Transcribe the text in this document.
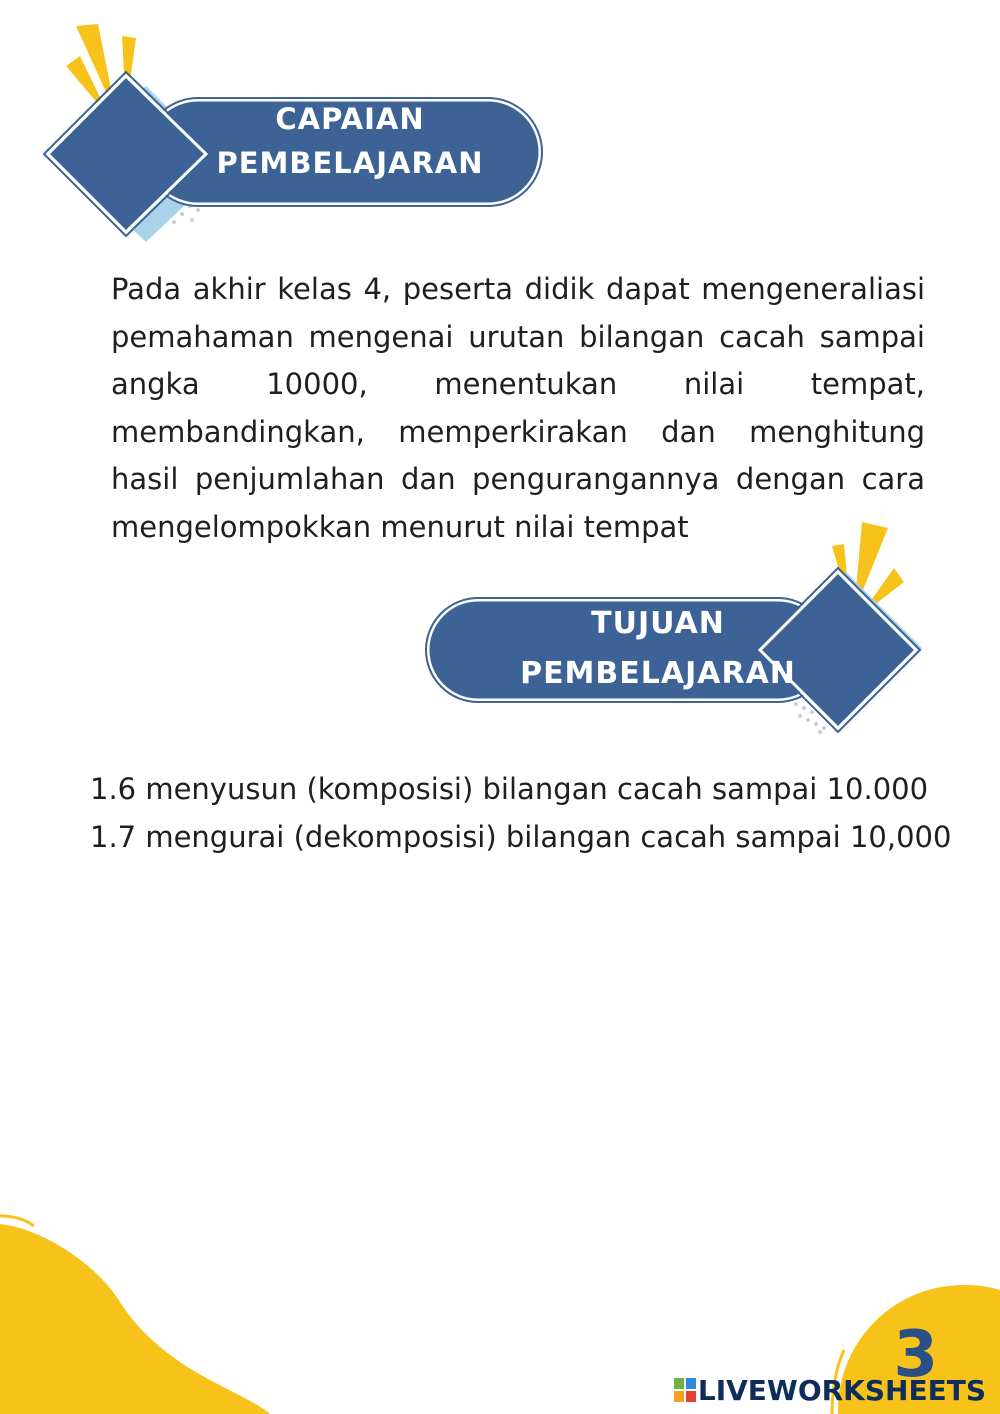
CAPAIAN
PEMBELAJARAN
Pada akhir kelas 4, peserta didik dapat mengeneraliasi pemahaman mengenai urutan bilangan cacah sampai angka 10000, menentukan nilai tempat, membandingkan, memperkirakan dan menghitung hasil penjumlahan dan pengurangannya dengan cara mengelompokkan menurut nilai tempat
TUJUAN
PEMBELAJARAN
1.6 menyusun (komposisi) bilangan cacah sampai 10.000
1.7 mengurai (dekomposisi) bilangan cacah sampai 10,000
3
LIVEWORKSHEETS
